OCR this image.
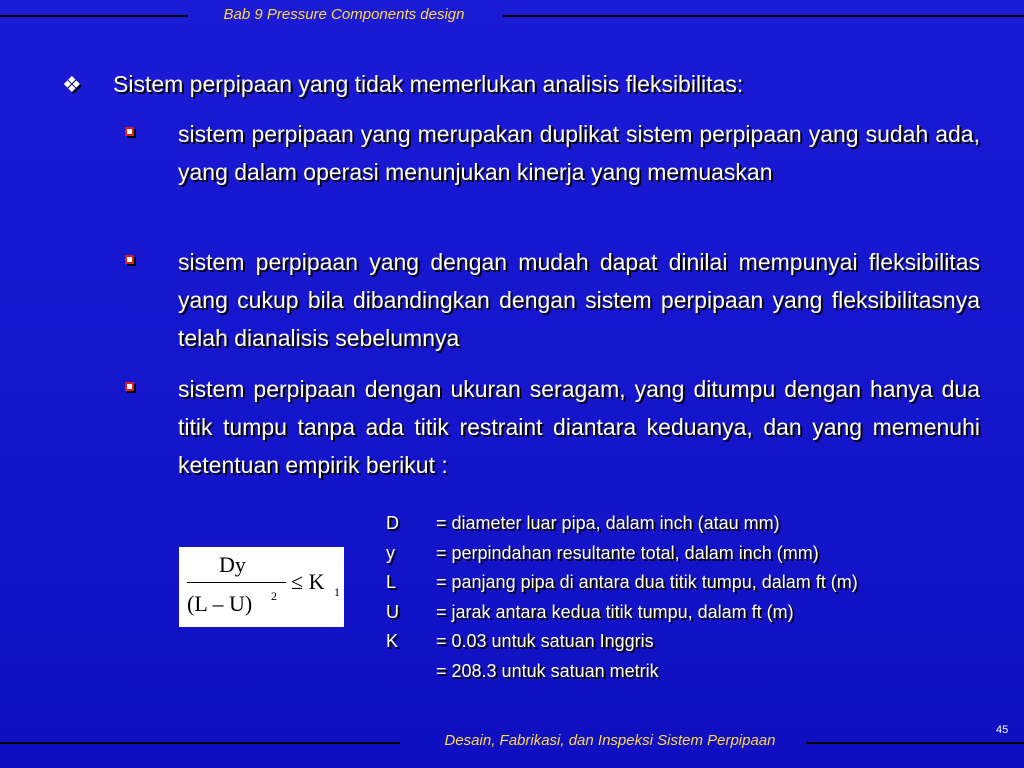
Bab 9 Pressure Components design
❖ Sistem perpipaan yang tidak memerlukan analisis fleksibilitas:
sistem perpipaan yang merupakan duplikat sistem perpipaan yang sudah ada, yang dalam operasi menunjukan kinerja yang memuaskan
sistem perpipaan yang dengan mudah dapat dinilai mempunyai fleksibilitas yang cukup bila dibandingkan dengan sistem perpipaan yang fleksibilitasnya telah dianalisis sebelumnya
sistem perpipaan dengan ukuran seragam, yang ditumpu dengan hanya dua titik tumpu tanpa ada titik restraint diantara keduanya, dan yang memenuhi ketentuan empirik berikut :
Dy
(L – U) 2
≤ K 1
D = diameter luar pipa, dalam inch (atau mm)
y = perpindahan resultante total, dalam inch (mm)
L = panjang pipa di antara dua titik tumpu, dalam ft (m)
U = jarak antara kedua titik tumpu, dalam ft (m)
K = 0.03 untuk satuan Inggris
= 208.3 untuk satuan metrik
Desain, Fabrikasi, dan Inspeksi Sistem Perpipaan
45
